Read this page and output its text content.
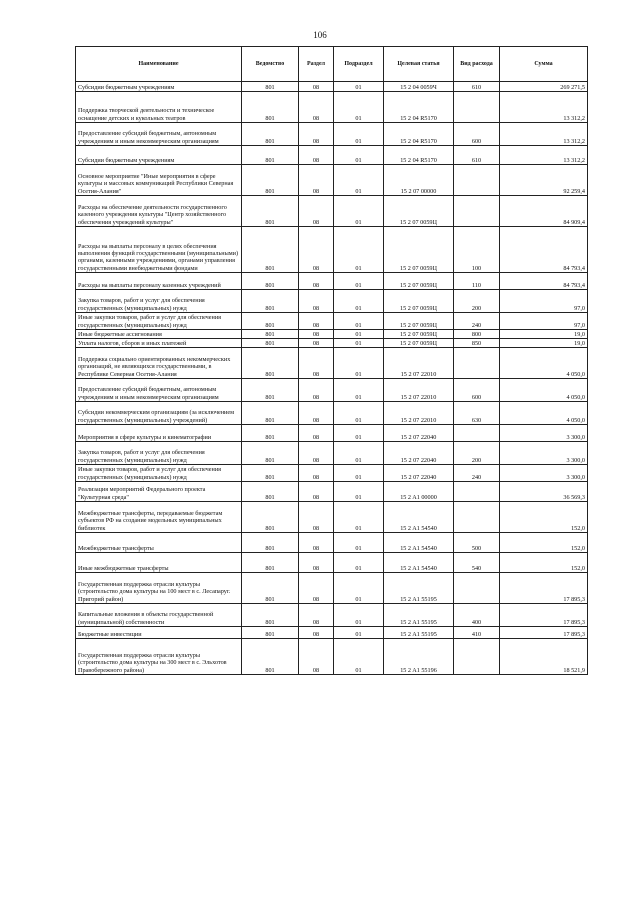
106
Наименование	Ведомство	Раздел	Подраздел	Целевая статья	Вид расхода	Сумма
Субсидии бюджетным учреждениям	801	08	01	15 2 04 0059Ч	610	269 271,5
Поддержка творческой деятельности и техническое оснащение детских и кукольных театров	801	08	01	15 2 04 R5170		13 312,2
Предоставление субсидий бюджетным, автономным учреждениям и иным некоммерческим организациям	801	08	01	15 2 04 R5170	600	13 312,2
Субсидии бюджетным учреждениям	801	08	01	15 2 04 R5170	610	13 312,2
Основное мероприятие "Иные мероприятия в сфере культуры и массовых коммуникаций Республики Северная Осетия-Алания"	801	08	01	15 2 07 00000		92 259,4
Расходы на обеспечение деятельности государственного казенного учреждения культуры "Центр хозяйственного обеспечения учреждений культуры"	801	08	01	15 2 07 0059Ц		84 909,4
Расходы на выплаты персоналу в целях обеспечения выполнения функций государственными (муниципальными) органами, казенными учреждениями, органами управления государственными внебюджетными фондами	801	08	01	15 2 07 0059Ц	100	84 793,4
Расходы на выплаты персоналу казенных учреждений	801	08	01	15 2 07 0059Ц	110	84 793,4
Закупка товаров, работ и услуг для обеспечения государственных (муниципальных) нужд	801	08	01	15 2 07 0059Ц	200	97,0
Иные закупки товаров, работ и услуг для обеспечения государственных (муниципальных) нужд	801	08	01	15 2 07 0059Ц	240	97,0
Иные бюджетные ассигнования	801	08	01	15 2 07 0059Ц	800	19,0
Уплата налогов, сборов и иных платежей	801	08	01	15 2 07 0059Ц	850	19,0
Поддержка социально ориентированных некоммерческих организаций, не являющихся государственными, в Республике Северная Осетия-Алания	801	08	01	15 2 07 22010		4 050,0
Предоставление субсидий бюджетным, автономным учреждениям и иным некоммерческим организациям	801	08	01	15 2 07 22010	600	4 050,0
Субсидии некоммерческим организациям (за исключением государственных (муниципальных) учреждений)	801	08	01	15 2 07 22010	630	4 050,0
Мероприятия в сфере культуры и кинематографии	801	08	01	15 2 07 22040		3 300,0
Закупка товаров, работ и услуг для обеспечения государственных (муниципальных) нужд	801	08	01	15 2 07 22040	200	3 300,0
Иные закупки товаров, работ и услуг для обеспечения государственных (муниципальных) нужд	801	08	01	15 2 07 22040	240	3 300,0
Реализация мероприятий Федерального проекта "Культурная среда"	801	08	01	15 2 A1 00000		36 569,3
Межбюджетные трансферты, передаваемые бюджетам субъектов РФ на создание модельных муниципальных библиотек	801	08	01	15 2 A1 54540		152,0
Межбюджетные трансферты	801	08	01	15 2 A1 54540	500	152,0
Иные межбюджетные трансферты	801	08	01	15 2 A1 54540	540	152,0
Государственная поддержка отрасли культуры (строительство дома культуры на 100 мест в с. Лесапаруг. Пригорий район)	801	08	01	15 2 A1 55195		17 895,3
Капитальные вложения в объекты государственной (муниципальной) собственности	801	08	01	15 2 A1 55195	400	17 895,3
Бюджетные инвестиции	801	08	01	15 2 A1 55195	410	17 895,3
Государственная поддержка отрасли культуры (строительство дома культуры на 300 мест в с. Эльхотов Правобережного района)	801	08	01	15 2 A1 55196		18 521,9
